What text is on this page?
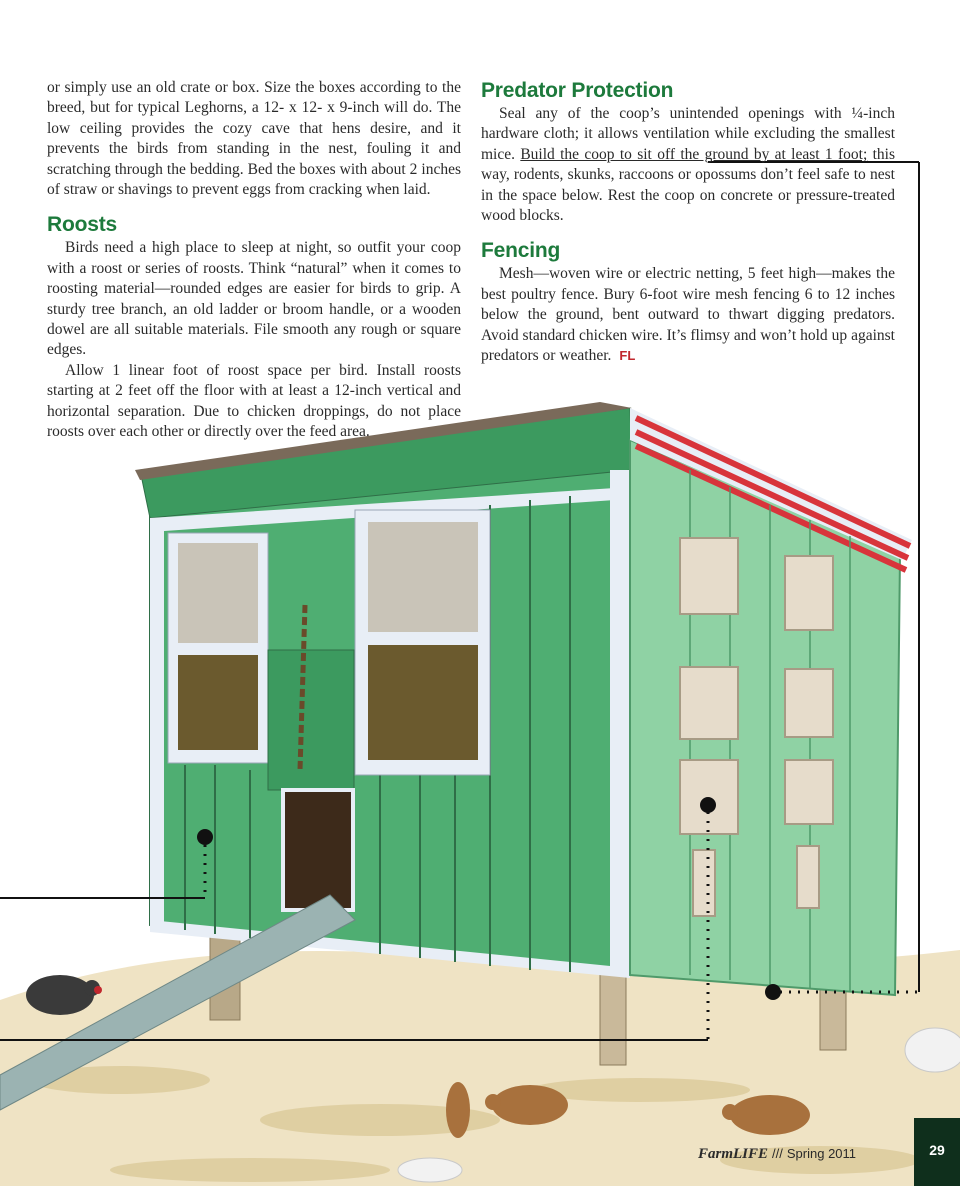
or simply use an old crate or box. Size the boxes according to the breed, but for typical Leghorns, a 12- x 12- x 9-inch will do. The low ceiling provides the cozy cave that hens desire, and it prevents the birds from standing in the nest, fouling it and scratching through the bedding. Bed the boxes with about 2 inches of straw or shavings to prevent eggs from cracking when laid.

Roosts

Birds need a high place to sleep at night, so outfit your coop with a roost or series of roosts. Think “natural” when it comes to roosting material—rounded edges are easier for birds to grip. A sturdy tree branch, an old ladder or broom handle, or a wooden dowel are all suitable materials. File smooth any rough or square edges.

Allow 1 linear foot of roost space per bird. Install roosts starting at 2 feet off the floor with at least a 12-inch vertical and horizontal separation. Due to chicken droppings, do not place roosts over each other or directly over the feed area.

Predator Protection

Seal any of the coop’s unintended openings with ¼-inch hardware cloth; it allows ventilation while excluding the smallest mice. Build the coop to sit off the ground by at least 1 foot; this way, rodents, skunks, raccoons or opossums don’t feel safe to nest in the space below. Rest the coop on concrete or pressure-treated wood blocks.

Fencing

Mesh—woven wire or electric netting, 5 feet high—makes the best poultry fence. Bury 6-foot wire mesh fencing 6 to 12 inches below the ground, bent outward to thwart digging predators. Avoid standard chicken wire. It’s flimsy and won’t hold up against predators or weather. FL

FarmLIFE /// Spring 2011	29
